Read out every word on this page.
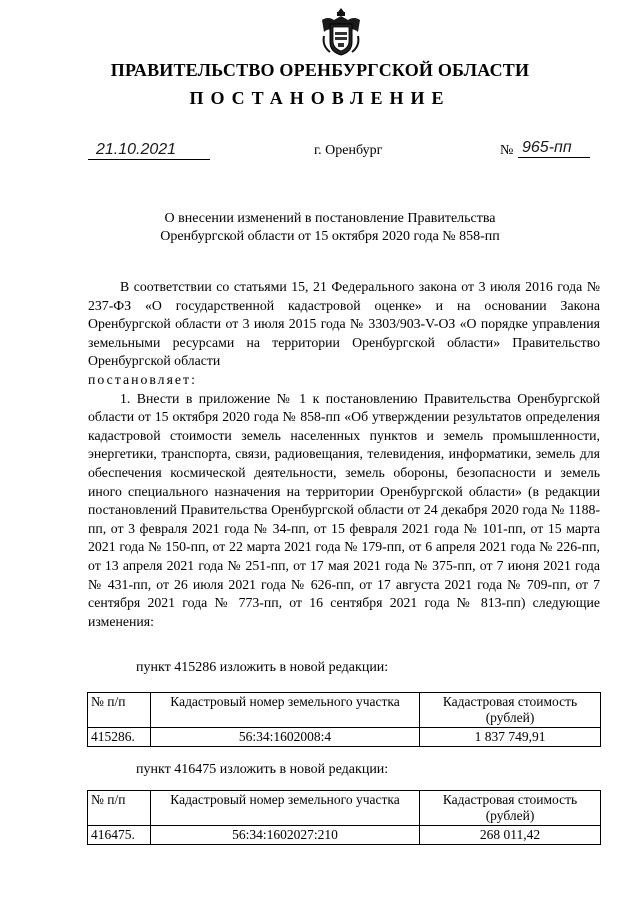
ПРАВИТЕЛЬСТВО ОРЕНБУРГСКОЙ ОБЛАСТИ
ПОСТАНОВЛЕНИЕ
21.10.2021	г. Оренбург	№ 965-пп
О внесении изменений в постановление Правительства
Оренбургской области от 15 октября 2020 года № 858-пп

В соответствии со статьями 15, 21 Федерального закона от 3 июля 2016 года № 237-ФЗ «О государственной кадастровой оценке» и на основании Закона Оренбургской области от 3 июля 2015 года № 3303/903-V-ОЗ «О порядке управления земельными ресурсами на территории Оренбургской области» Правительство Оренбургской области

постановляет:

1. Внести в приложение № 1 к постановлению Правительства Оренбургской области от 15 октября 2020 года № 858-пп «Об утверждении результатов определения кадастровой стоимости земель населенных пунктов и земель промышленности, энергетики, транспорта, связи, радиовещания, телевидения, информатики, земель для обеспечения космической деятельности, земель обороны, безопасности и земель иного специального назначения на территории Оренбургской области» (в редакции постановлений Правительства Оренбургской области от 24 декабря 2020 года № 1188-пп, от 3 февраля 2021 года № 34-пп, от 15 февраля 2021 года № 101-пп, от 15 марта 2021 года № 150-пп, от 22 марта 2021 года № 179-пп, от 6 апреля 2021 года № 226-пп, от 13 апреля 2021 года № 251-пп, от 17 мая 2021 года № 375-пп, от 7 июня 2021 года № 431-пп, от 26 июля 2021 года № 626-пп, от 17 августа 2021 года № 709-пп, от 7 сентября 2021 года № 773-пп, от 16 сентября 2021 года № 813-пп) следующие изменения:

пункт 415286 изложить в новой редакции:
№ п/п	Кадастровый номер земельного участка	Кадастровая стоимость (рублей)
415286.	56:34:1602008:4	1 837 749,91
пункт 416475 изложить в новой редакции:
№ п/п	Кадастровый номер земельного участка	Кадастровая стоимость (рублей)
416475.	56:34:1602027:210	268 011,42
